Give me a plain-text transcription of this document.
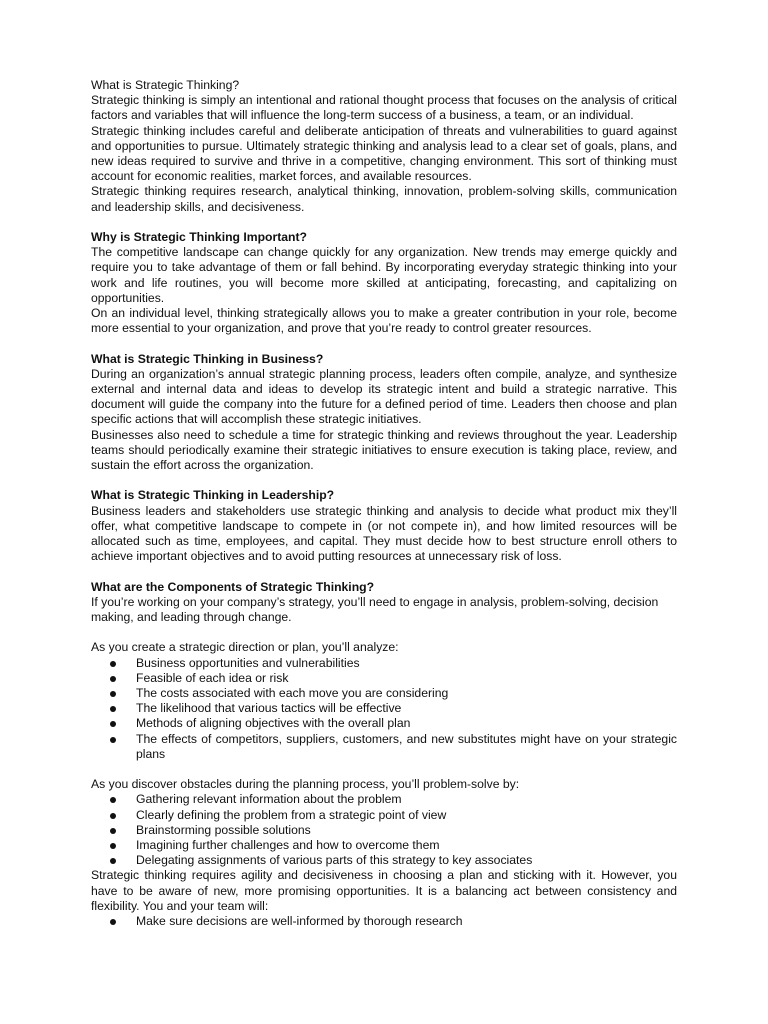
What is Strategic Thinking?

Strategic thinking is simply an intentional and rational thought process that focuses on the analysis of critical factors and variables that will influence the long-term success of a business, a team, or an individual.

Strategic thinking includes careful and deliberate anticipation of threats and vulnerabilities to guard against and opportunities to pursue. Ultimately strategic thinking and analysis lead to a clear set of goals, plans, and new ideas required to survive and thrive in a competitive, changing environment. This sort of thinking must account for economic realities, market forces, and available resources.

Strategic thinking requires research, analytical thinking, innovation, problem-solving skills, communication and leadership skills, and decisiveness.

Why is Strategic Thinking Important?

The competitive landscape can change quickly for any organization. New trends may emerge quickly and require you to take advantage of them or fall behind. By incorporating everyday strategic thinking into your work and life routines, you will become more skilled at anticipating, forecasting, and capitalizing on opportunities.

On an individual level, thinking strategically allows you to make a greater contribution in your role, become more essential to your organization, and prove that you’re ready to control greater resources.

What is Strategic Thinking in Business?

During an organization’s annual strategic planning process, leaders often compile, analyze, and synthesize external and internal data and ideas to develop its strategic intent and build a strategic narrative. This document will guide the company into the future for a defined period of time. Leaders then choose and plan specific actions that will accomplish these strategic initiatives.

Businesses also need to schedule a time for strategic thinking and reviews throughout the year. Leadership teams should periodically examine their strategic initiatives to ensure execution is taking place, review, and sustain the effort across the organization.

What is Strategic Thinking in Leadership?

Business leaders and stakeholders use strategic thinking and analysis to decide what product mix they’ll offer, what competitive landscape to compete in (or not compete in), and how limited resources will be allocated such as time, employees, and capital. They must decide how to best structure enroll others to achieve important objectives and to avoid putting resources at unnecessary risk of loss.

What are the Components of Strategic Thinking?

If you’re working on your company’s strategy, you’ll need to engage in analysis, problem-solving, decision making, and leading through change.

As you create a strategic direction or plan, you’ll analyze:

Business opportunities and vulnerabilities
Feasible of each idea or risk
The costs associated with each move you are considering
The likelihood that various tactics will be effective
Methods of aligning objectives with the overall plan
The effects of competitors, suppliers, customers, and new substitutes might have on your strategic plans

As you discover obstacles during the planning process, you’ll problem-solve by:

Gathering relevant information about the problem
Clearly defining the problem from a strategic point of view
Brainstorming possible solutions
Imagining further challenges and how to overcome them
Delegating assignments of various parts of this strategy to key associates

Strategic thinking requires agility and decisiveness in choosing a plan and sticking with it. However, you have to be aware of new, more promising opportunities. It is a balancing act between consistency and flexibility. You and your team will:

Make sure decisions are well-informed by thorough research
